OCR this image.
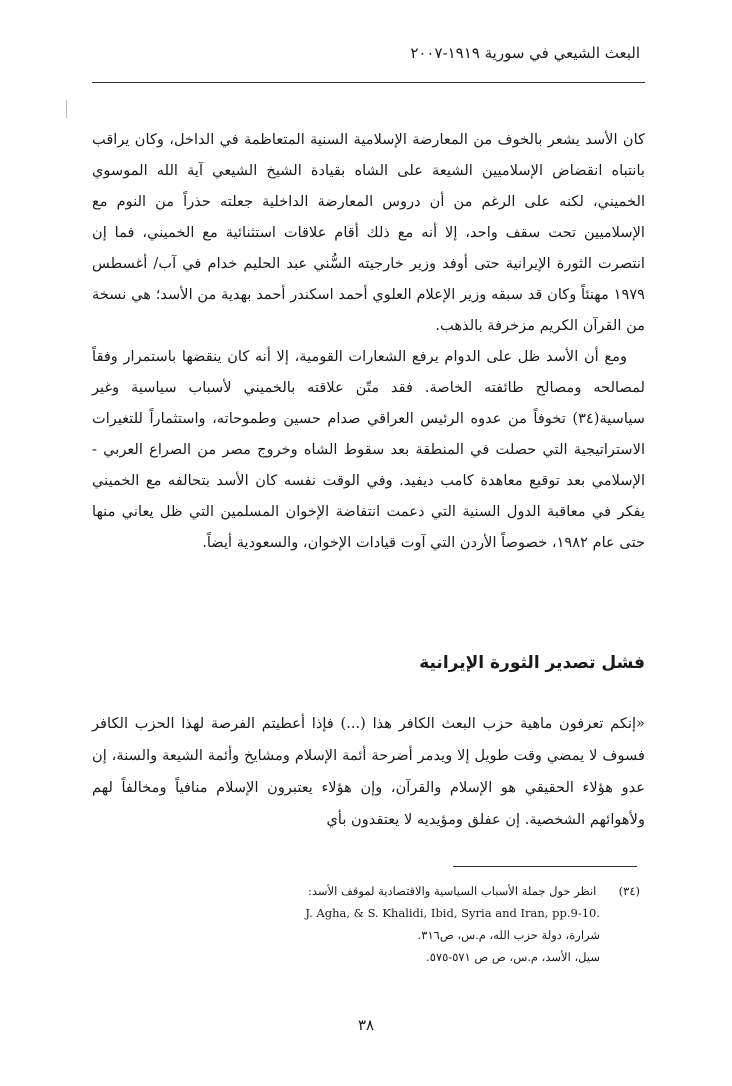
البعث الشيعي في سورية ١٩١٩-٢٠٠٧

كان الأسد يشعر بالخوف من المعارضة الإسلامية السنية المتعاظمة في الداخل، وكان يراقب بانتباه انقضاض الإسلاميين الشيعة على الشاه بقيادة الشيخ الشيعي آية الله الموسوي الخميني، لكنه على الرغم من أن دروس المعارضة الداخلية جعلته حذراً من النوم مع الإسلاميين تحت سقف واحد، إلا أنه مع ذلك أقام علاقات استثنائية مع الخميني، فما إن انتصرت الثورة الإيرانية حتى أوفد وزير خارجيته السُّني عبد الحليم خدام في آب/ أغسطس ١٩٧٩ مهنئاً وكان قد سبقه وزير الإعلام العلوي أحمد اسكندر أحمد بهدية من الأسد؛ هي نسخة من القرآن الكريم مزخرفة بالذهب.

ومع أن الأسد ظل على الدوام يرفع الشعارات القومية، إلا أنه كان ينقضها باستمرار وفقاً لمصالحه ومصالح طائفته الخاصة. فقد متّن علاقته بالخميني لأسباب سياسية وغير سياسية(٣٤) تخوفاً من عدوه الرئيس العراقي صدام حسين وطموحاته، واستثماراً للتغيرات الاستراتيجية التي حصلت في المنطقة بعد سقوط الشاه وخروج مصر من الصراع العربي - الإسلامي بعد توقيع معاهدة كامب ديفيد. وفي الوقت نفسه كان الأسد بتحالفه مع الخميني يفكر في معاقبة الدول السنية التي دعمت انتفاضة الإخوان المسلمين التي ظل يعاني منها حتى عام ١٩٨٢، خصوصاً الأردن التي آوت قيادات الإخوان، والسعودية أيضاً.

فشل تصدير الثورة الإيرانية

«إنكم تعرفون ماهية حزب البعث الكافر هذا (...) فإذا أعطيتم الفرصة لهذا الحزب الكافر فسوف لا يمضي وقت طويل إلا ويدمر أضرحة أئمة الإسلام ومشايخ وأئمة الشيعة والسنة، إن عدو هؤلاء الحقيقي هو الإسلام والقرآن، وإن هؤلاء يعتبرون الإسلام منافياً ومخالفاً لهم ولأهوائهم الشخصية. إن عفلق ومؤيديه لا يعتقدون بأي

(٣٤) انظر حول جملة الأسباب السياسية والاقتصادية لموقف الأسد:
J. Agha, & S. Khalidi, Ibid, Syria and Iran, pp.9-10.
شرارة، دولة حزب الله، م.س، ص٣١٦.
سيل، الأسد، م.س، ص ص ٥٧١-٥٧٥.
٣٨
